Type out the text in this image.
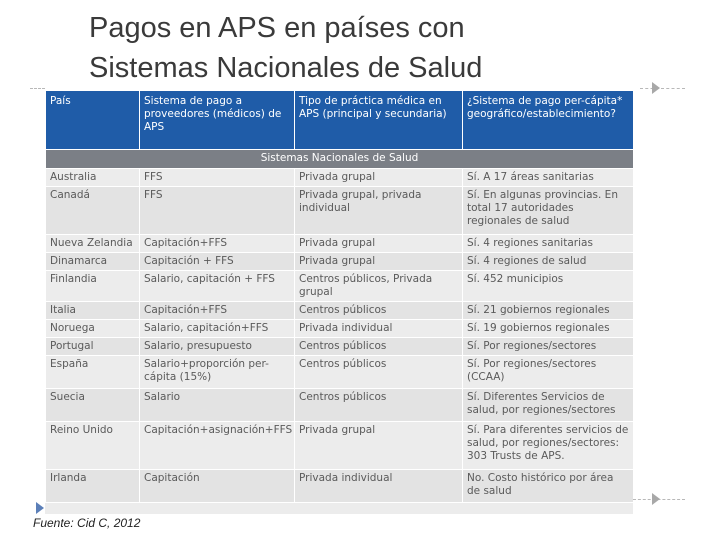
Pagos en APS en países con
Sistemas Nacionales de Salud
País	Sistema de pago a proveedores (médicos) de APS	Tipo de práctica médica en APS (principal y secundaria)	¿Sistema de pago per-cápita* geográfico/establecimiento?
Sistemas Nacionales de Salud			
Australia	FFS	Privada grupal	Sí. A 17 áreas sanitarias
Canadá	FFS	Privada grupal, privada individual	Sí. En algunas provincias. En total 17 autoridades regionales de salud
Nueva Zelandia	Capitación+FFS	Privada grupal	Sí. 4 regiones sanitarias
Dinamarca	Capitación + FFS	Privada grupal	Sí. 4 regiones de salud
Finlandia	Salario, capitación + FFS	Centros públicos, Privada grupal	Sí. 452 municipios
Italia	Capitación+FFS	Centros públicos	Sí. 21 gobiernos regionales
Noruega	Salario, capitación+FFS	Privada individual	Sí. 19 gobiernos regionales
Portugal	Salario, presupuesto	Centros públicos	Sí. Por regiones/sectores
España	Salario+proporción per-cápita (15%)	Centros públicos	Sí. Por regiones/sectores (CCAA)
Suecia	Salario	Centros públicos	Sí. Diferentes Servicios de salud, por regiones/sectores
Reino Unido	Capitación+asignación+FFS	Privada grupal	Sí. Para diferentes servicios de salud, por regiones/sectores: 303 Trusts de APS.
Irlanda	Capitación	Privada individual	No. Costo histórico por área de salud
Fuente: Cid C, 2012
